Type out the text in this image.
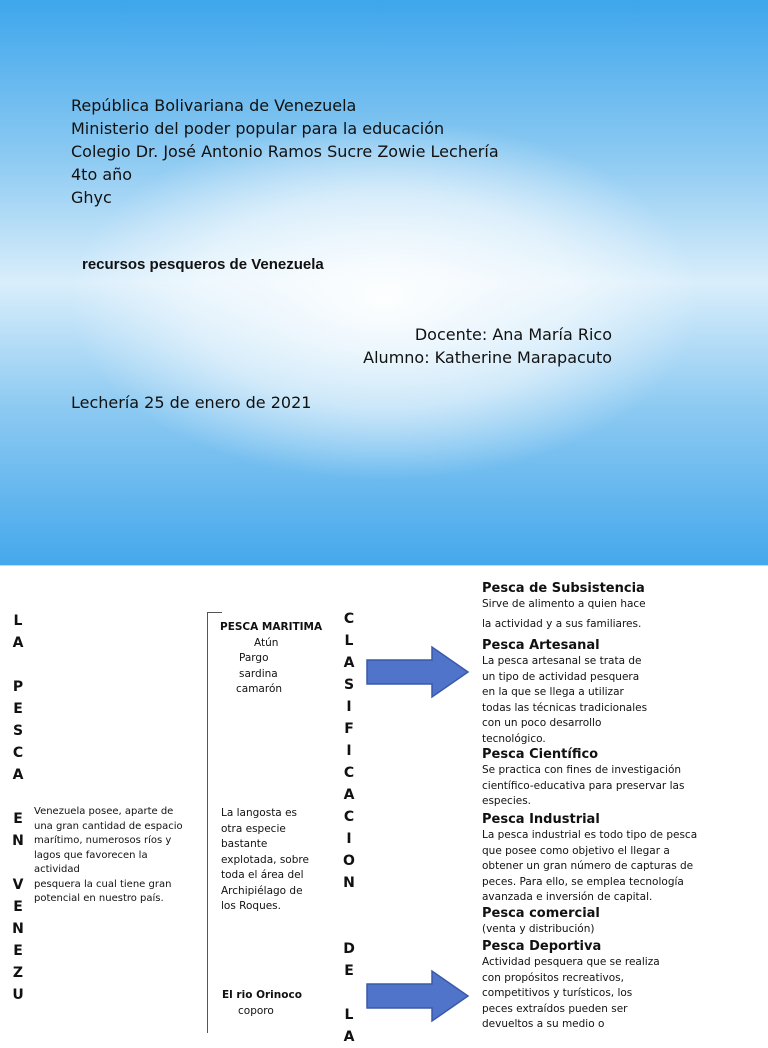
República Bolivariana de Venezuela
Ministerio del poder popular para la educación
Colegio Dr. José Antonio Ramos Sucre Zowie Lechería
4to año
Ghyc
recursos pesqueros de Venezuela
Docente: Ana María Rico
Alumno: Katherine Marapacuto
Lechería 25 de enero de 2021
L
A

P
E
S
C
A

E
N

V
E
N
E
Z
U
Venezuela posee, aparte de
una gran cantidad de espacio
marítimo, numerosos ríos y
lagos que favorecen la
actividad
pesquera la cual tiene gran
potencial en nuestro país.
PESCA MARITIMA
Atún
Pargo
sardina
camarón
La langosta es
otra especie
bastante
explotada, sobre
toda el área del
Archipiélago de
los Roques.
El rio Orinoco
coporo
C
L
A
S
I
F
I
C
A
C
I
O
N

D
E

L
A
Pesca de Subsistencia
Sirve de alimento a quien hace
la actividad y a sus familiares.
Pesca Artesanal
La pesca artesanal se trata de
un tipo de actividad pesquera
en la que se llega a utilizar
todas las técnicas tradicionales
con un poco desarrollo
tecnológico.
Pesca Científico
Se practica con fines de investigación
científico-educativa para preservar las
especies.
Pesca Industrial
La pesca industrial es todo tipo de pesca
que posee como objetivo el llegar a
obtener un gran número de capturas de
peces. Para ello, se emplea tecnología
avanzada e inversión de capital.
Pesca comercial
(venta y distribución)
Pesca Deportiva
Actividad pesquera que se realiza
con propósitos recreativos,
competitivos y turísticos, los
peces extraídos pueden ser
devueltos a su medio o
